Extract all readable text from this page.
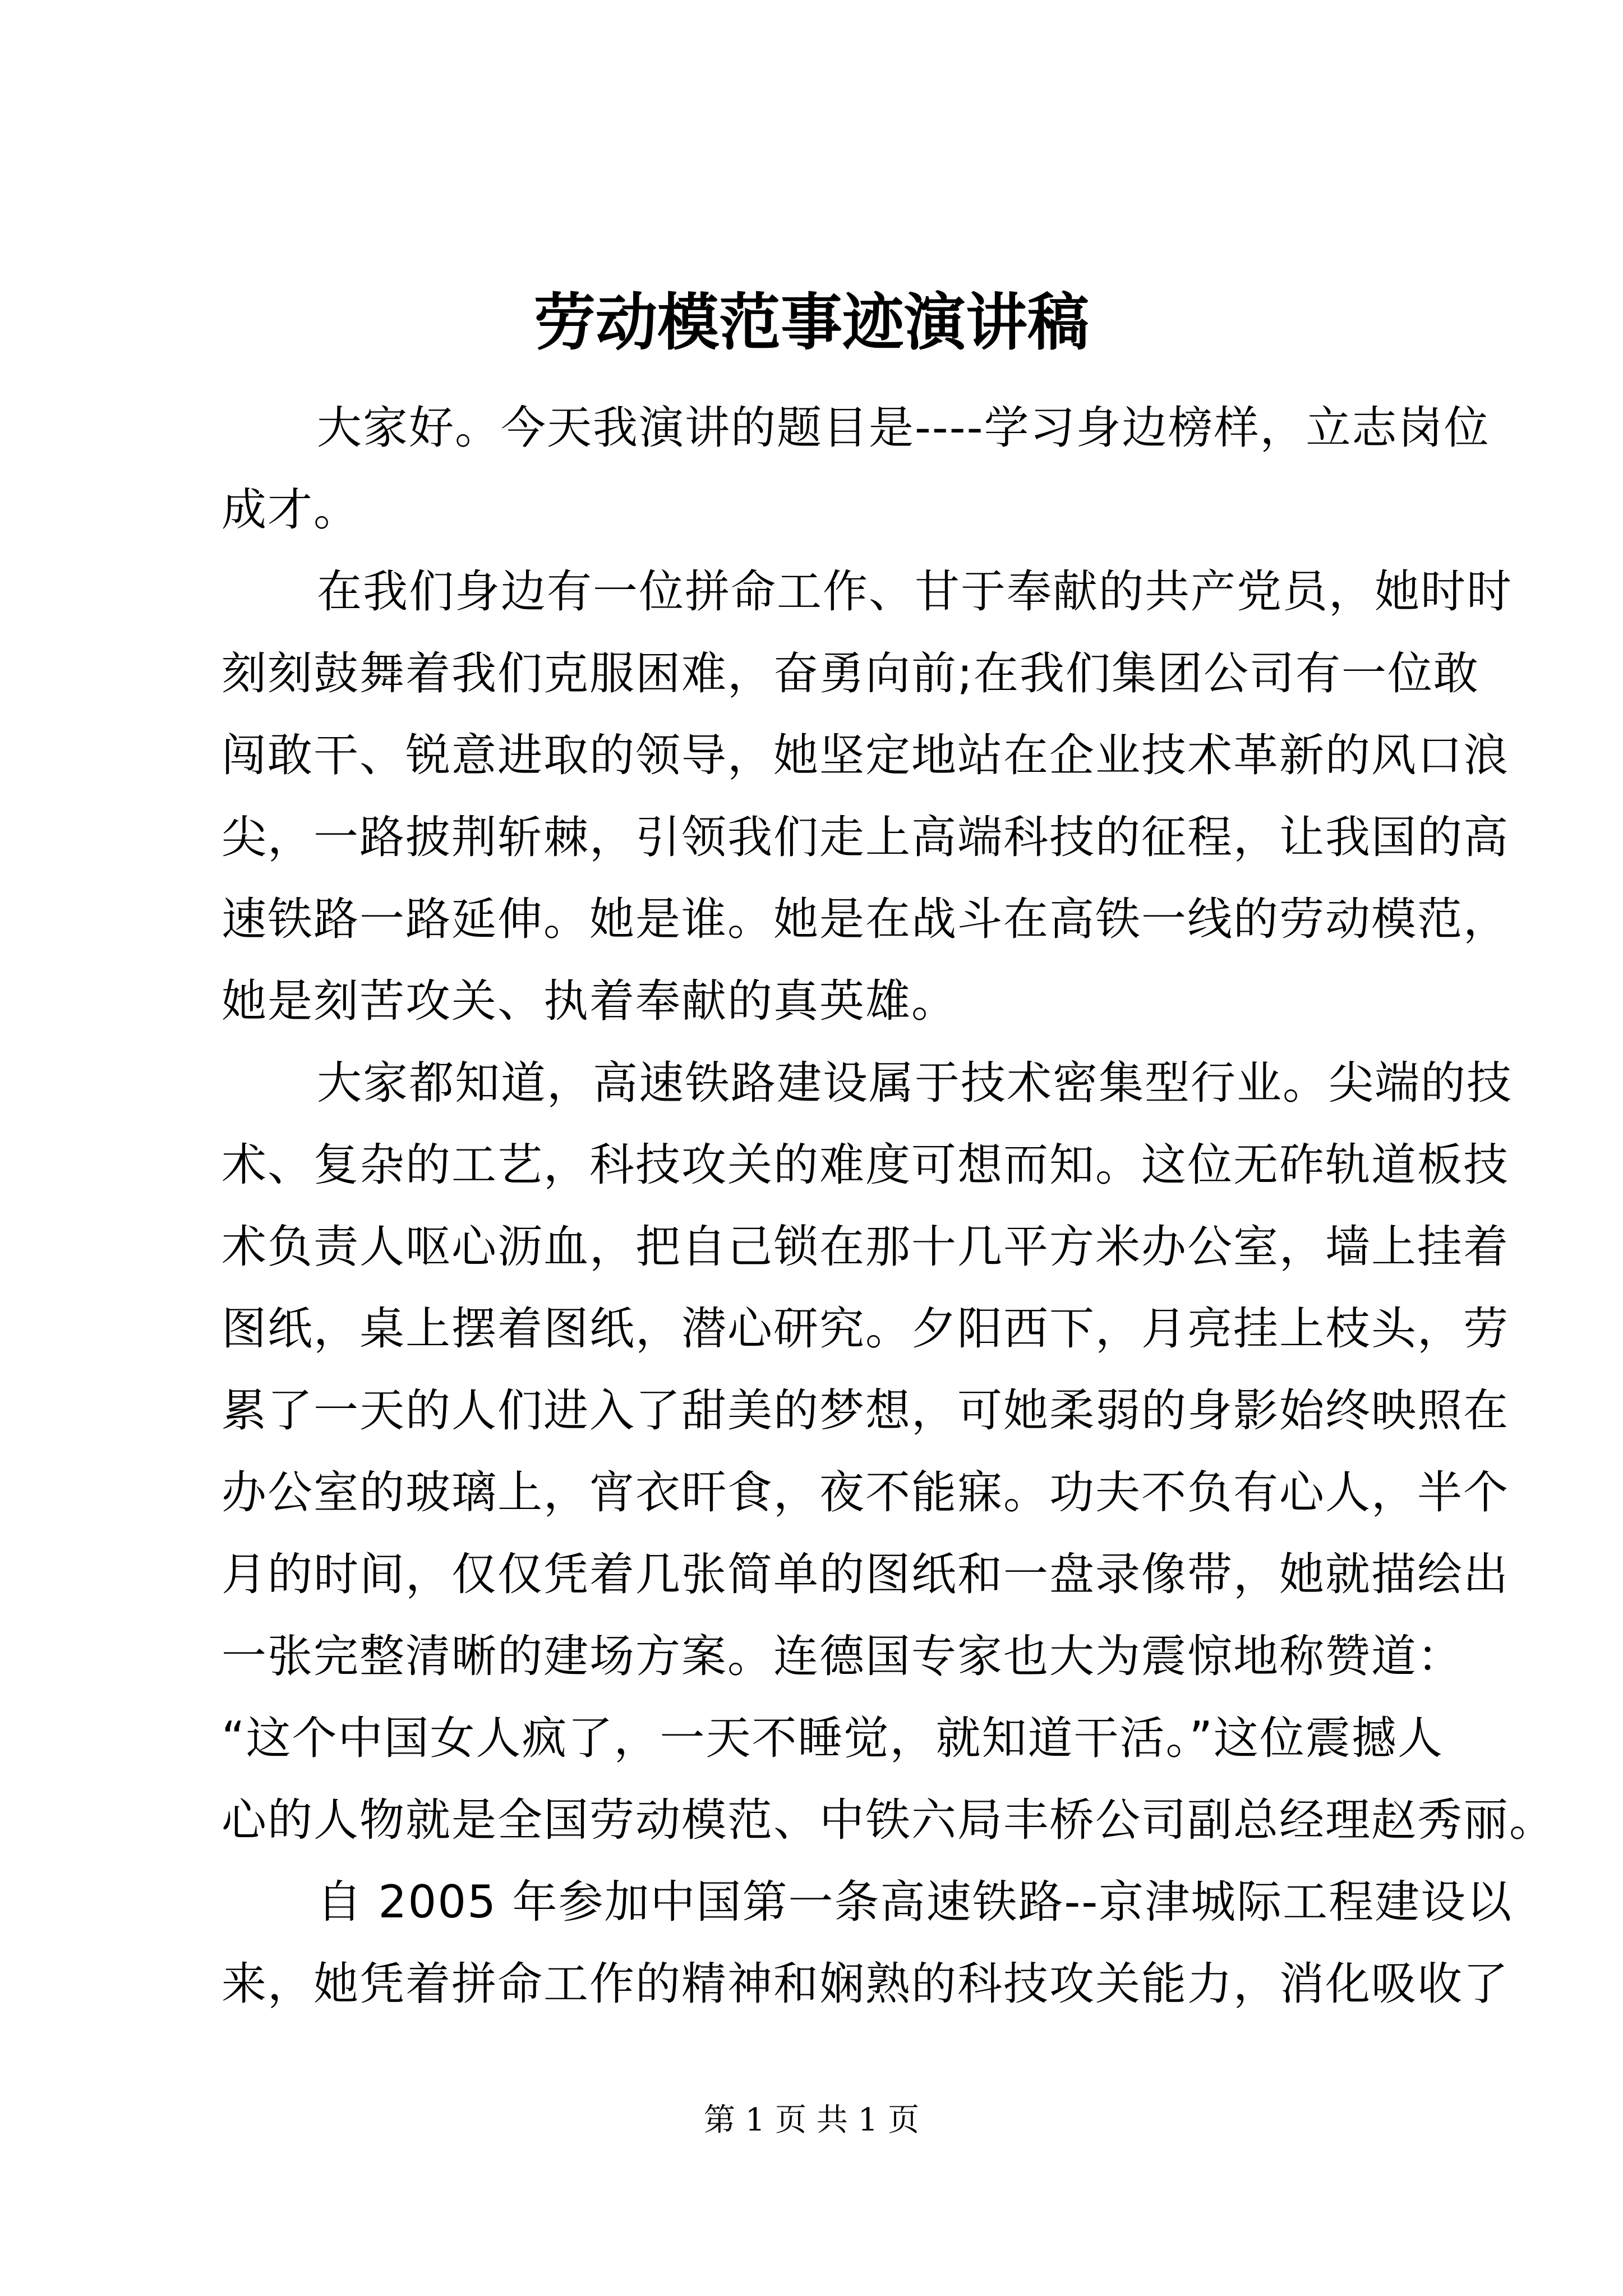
劳动模范事迹演讲稿
大家好。今天我演讲的题目是----学习身边榜样，立志岗位
成才。
在我们身边有一位拼命工作、甘于奉献的共产党员，她时时
刻刻鼓舞着我们克服困难，奋勇向前;在我们集团公司有一位敢
闯敢干、锐意进取的领导，她坚定地站在企业技术革新的风口浪
尖，一路披荆斩棘，引领我们走上高端科技的征程，让我国的高
速铁路一路延伸。她是谁。她是在战斗在高铁一线的劳动模范，
她是刻苦攻关、执着奉献的真英雄。
大家都知道，高速铁路建设属于技术密集型行业。尖端的技
术、复杂的工艺，科技攻关的难度可想而知。这位无砟轨道板技
术负责人呕心沥血，把自己锁在那十几平方米办公室，墙上挂着
图纸，桌上摆着图纸，潜心研究。夕阳西下，月亮挂上枝头，劳
累了一天的人们进入了甜美的梦想，可她柔弱的身影始终映照在
办公室的玻璃上，宵衣旰食，夜不能寐。功夫不负有心人，半个
月的时间，仅仅凭着几张简单的图纸和一盘录像带，她就描绘出
一张完整清晰的建场方案。连德国专家也大为震惊地称赞道：
“这个中国女人疯了，一天不睡觉，就知道干活。”这位震撼人
心的人物就是全国劳动模范、中铁六局丰桥公司副总经理赵秀丽。
自 2005 年参加中国第一条高速铁路--京津城际工程建设以
来，她凭着拼命工作的精神和娴熟的科技攻关能力，消化吸收了
第 1 页 共 1 页
